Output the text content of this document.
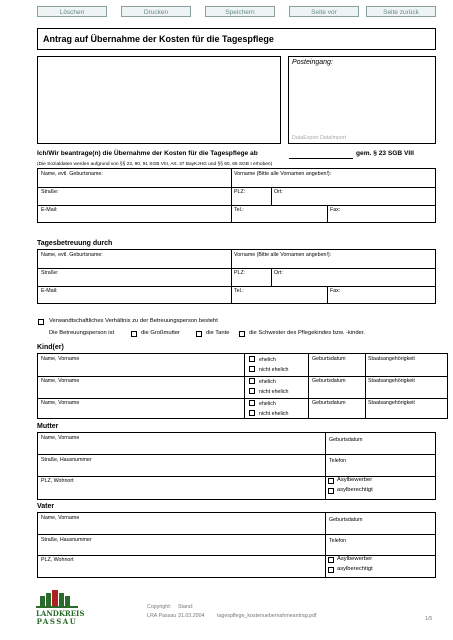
Löschen	Drucken	Speichern	Seite vor	Seite zurück
Antrag auf Übernahme der Kosten für die Tagespflege
Posteingang:
DataExport DataImport
Ich/Wir beantrage(n) die Übernahme der Kosten für die Tagespflege ab	gem. § 23 SGB VIII
(Die Sozialdaten werden aufgrund von §§ 23, 90, 91 SGB VIII, Art. 37 BayKJHG und §§ 60, 65 SGB I erhoben)
Name, evtl. Geburtsname:	Vorname (Bitte alle Vornamen angeben!):
Straße:	PLZ:	Ort:
E-Mail:	Tel.:	Fax:
Tagesbetreuung durch
Name, evtl. Geburtsname:	Vorname (Bitte alle Vornamen angeben!):
Straße:	PLZ:	Ort:
E-Mail:	Tel.:	Fax:
Verwandtschaftliches Verhältnis zu der Betreuungsperson besteht
Die Betreuungsperson ist	die Großmutter	die Tante	die Schwester des Pflegekindes bzw. -kinder.
Kind(er)
Name, Vorname	ehelich
nicht ehelich
Geburtsdatum	Staatsangehörigkeit
Name, Vorname	ehelich
nicht ehelich
Geburtsdatum	Staatsangehörigkeit
Name, Vorname	ehelich
nicht ehelich
Geburtsdatum	Staatsangehörigkeit
Mutter
Name, Vorname	Geburtsdatum
Straße, Hausnummer	Telefon
PLZ, Wohnort	Asylbewerber
asylberechtigt
Vater
Name, Vorname	Geburtsdatum
Straße, Hausnummer	Telefon
PLZ, Wohnort	Asylbewerber
asylberechtigt
LANDKREIS
PASSAU
Copyright:
LRA Passau
Stand:
31.03.2004 tagespflege_kostenuebernahmeantrag.pdf	1/5
